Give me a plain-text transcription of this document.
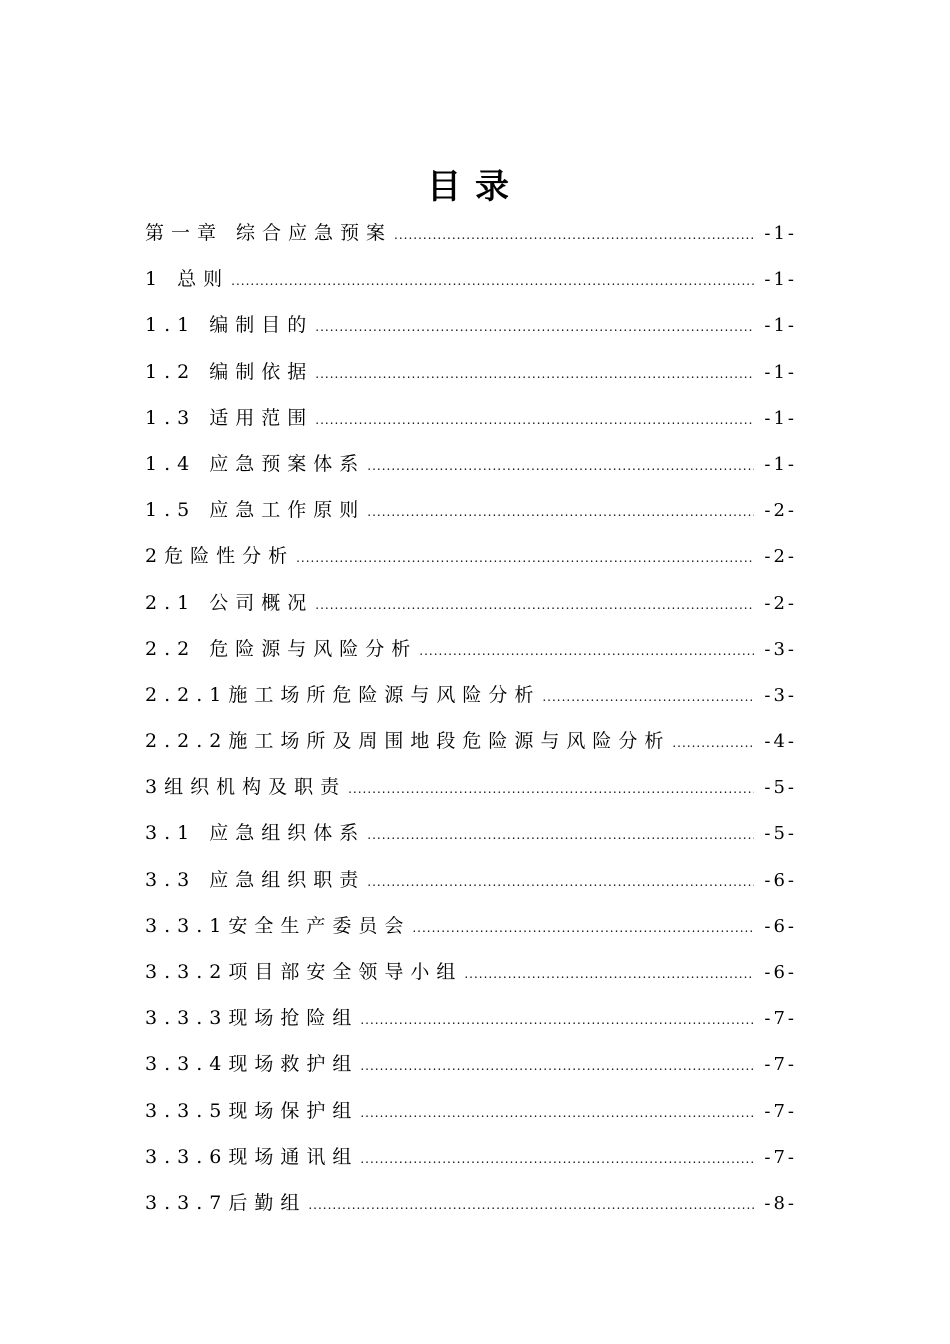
目录
第一章 综合应急预案 .....	-1-
1 总则 .....	-1-
1.1 编制目的 .....	-1-
1.2 编制依据 .....	-1-
1.3 适用范围 .....	-1-
1.4 应急预案体系 .....	-1-
1.5 应急工作原则 .....	-2-
2危险性分析 .....	-2-
2.1 公司概况 .....	-2-
2.2 危险源与风险分析 .....	-3-
2.2.1施工场所危险源与风险分析 .....	-3-
2.2.2施工场所及周围地段危险源与风险分析 .....	-4-
3组织机构及职责 .....	-5-
3.1 应急组织体系 .....	-5-
3.3 应急组织职责 .....	-6-
3.3.1安全生产委员会 .....	-6-
3.3.2项目部安全领导小组 .....	-6-
3.3.3现场抢险组 .....	-7-
3.3.4现场救护组 .....	-7-
3.3.5现场保护组 .....	-7-
3.3.6现场通讯组 .....	-7-
3.3.7后勤组 .....	-8-
